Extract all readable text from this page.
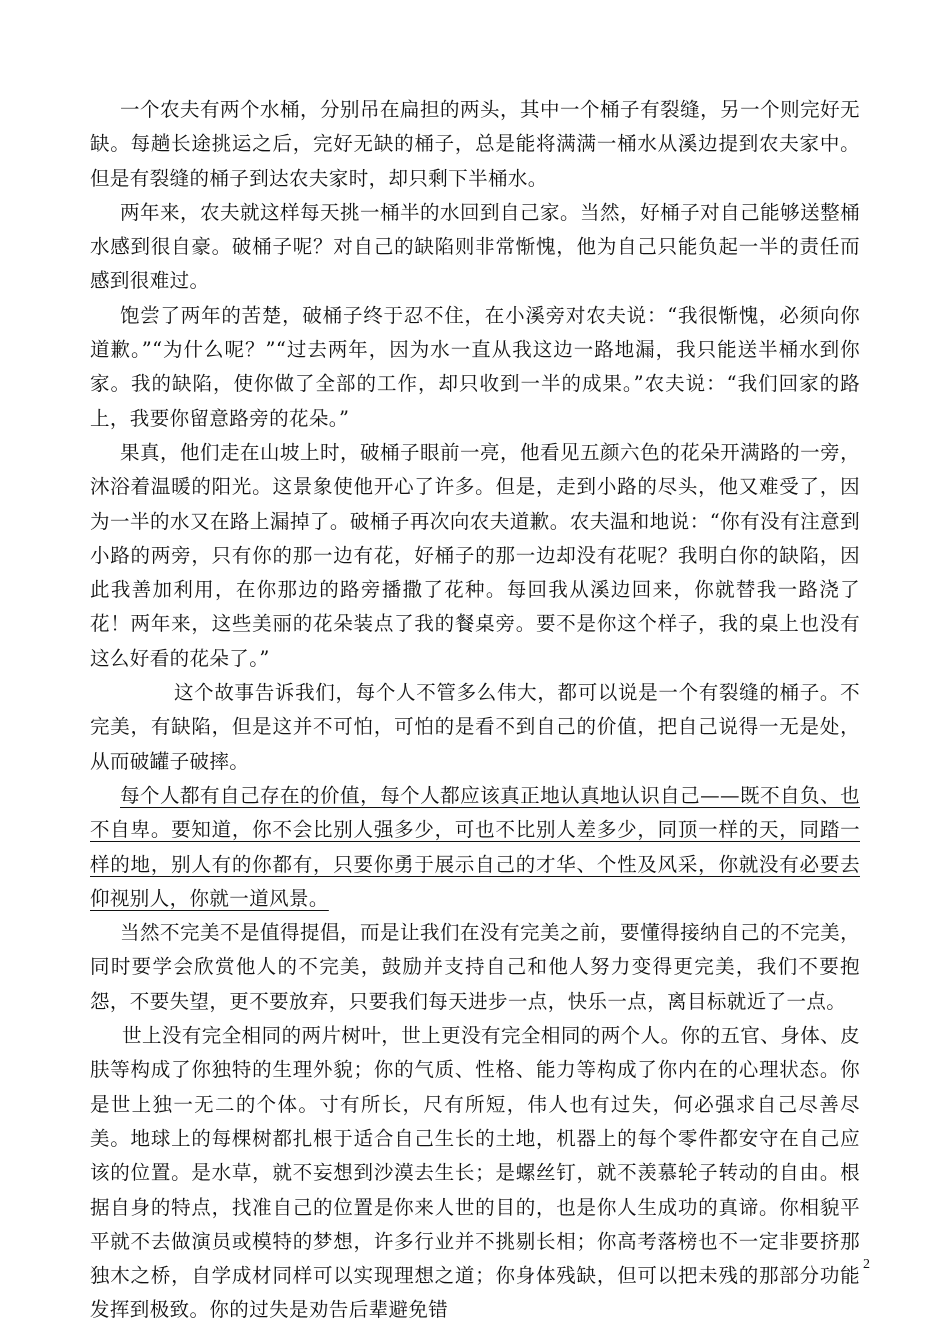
一个农夫有两个水桶，分别吊在扁担的两头，其中一个桶子有裂缝，另一个则完好无缺。每趟长途挑运之后，完好无缺的桶子，总是能将满满一桶水从溪边提到农夫家中。但是有裂缝的桶子到达农夫家时，却只剩下半桶水。

两年来，农夫就这样每天挑一桶半的水回到自己家。当然，好桶子对自己能够送整桶水感到很自豪。破桶子呢？对自己的缺陷则非常惭愧，他为自己只能负起一半的责任而感到很难过。

饱尝了两年的苦楚，破桶子终于忍不住，在小溪旁对农夫说：“我很惭愧，必须向你道歉。”“为什么呢？”“过去两年，因为水一直从我这边一路地漏，我只能送半桶水到你家。我的缺陷，使你做了全部的工作，却只收到一半的成果。”农夫说：“我们回家的路上，我要你留意路旁的花朵。”

果真，他们走在山坡上时，破桶子眼前一亮，他看见五颜六色的花朵开满路的一旁，沐浴着温暖的阳光。这景象使他开心了许多。但是，走到小路的尽头，他又难受了，因为一半的水又在路上漏掉了。破桶子再次向农夫道歉。农夫温和地说：“你有没有注意到小路的两旁，只有你的那一边有花，好桶子的那一边却没有花呢？我明白你的缺陷，因此我善加利用，在你那边的路旁播撒了花种。每回我从溪边回来，你就替我一路浇了花！两年来，这些美丽的花朵装点了我的餐桌旁。要不是你这个样子，我的桌上也没有这么好看的花朵了。”

这个故事告诉我们，每个人不管多么伟大，都可以说是一个有裂缝的桶子。不完美，有缺陷，但是这并不可怕，可怕的是看不到自己的价值，把自己说得一无是处，从而破罐子破摔。

每个人都有自己存在的价值，每个人都应该真正地认真地认识自己——既不自负、也不自卑。要知道，你不会比别人强多少，可也不比别人差多少，同顶一样的天，同踏一样的地，别人有的你都有，只要你勇于展示自己的才华、个性及风采，你就没有必要去仰视别人，你就一道风景。

当然不完美不是值得提倡，而是让我们在没有完美之前，要懂得接纳自己的不完美，同时要学会欣赏他人的不完美，鼓励并支持自己和他人努力变得更完美，我们不要抱怨，不要失望，更不要放弃，只要我们每天进步一点，快乐一点，离目标就近了一点。

世上没有完全相同的两片树叶，世上更没有完全相同的两个人。你的五官、身体、皮肤等构成了你独特的生理外貌；你的气质、性格、能力等构成了你内在的心理状态。你是世上独一无二的个体。寸有所长，尺有所短，伟人也有过失，何必强求自己尽善尽美。地球上的每棵树都扎根于适合自己生长的土地，机器上的每个零件都安守在自己应该的位置。是水草，就不妄想到沙漠去生长；是螺丝钉，就不羡慕轮子转动的自由。根据自身的特点，找准自己的位置是你来人世的目的，也是你人生成功的真谛。你相貌平平就不去做演员或模特的梦想，许多行业并不挑剔长相；你高考落榜也不一定非要挤那独木之桥，自学成材同样可以实现理想之道；你身体残缺，但可以把未残的那部分功能发挥到极致。你的过失是劝告后辈避免错

2
